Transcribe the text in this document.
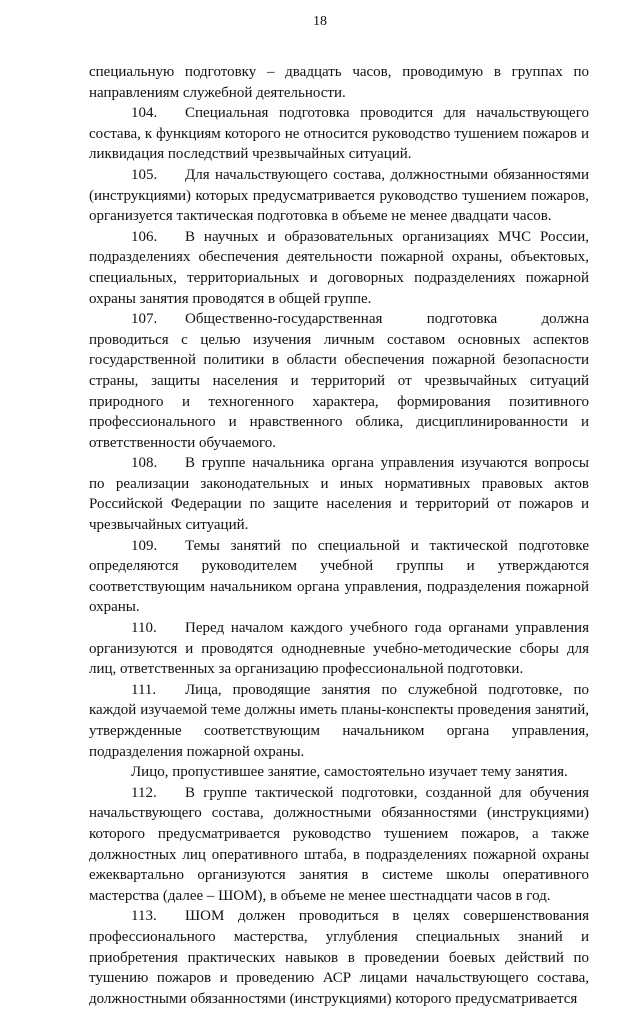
18

специальную подготовку – двадцать часов, проводимую в группах по направлениям служебной деятельности.

104. Специальная подготовка проводится для начальствующего состава, к функциям которого не относится руководство тушением пожаров и ликвидация последствий чрезвычайных ситуаций.

105. Для начальствующего состава, должностными обязанностями (инструкциями) которых предусматривается руководство тушением пожаров, организуется тактическая подготовка в объеме не менее двадцати часов.

106. В научных и образовательных организациях МЧС России, подразделениях обеспечения деятельности пожарной охраны, объектовых, специальных, территориальных и договорных подразделениях пожарной охраны занятия проводятся в общей группе.

107. Общественно-государственная подготовка должна проводиться с целью изучения личным составом основных аспектов государственной политики в области обеспечения пожарной безопасности страны, защиты населения и территорий от чрезвычайных ситуаций природного и техногенного характера, формирования позитивного профессионального и нравственного облика, дисциплинированности и ответственности обучаемого.

108. В группе начальника органа управления изучаются вопросы по реализации законодательных и иных нормативных правовых актов Российской Федерации по защите населения и территорий от пожаров и чрезвычайных ситуаций.

109. Темы занятий по специальной и тактической подготовке определяются руководителем учебной группы и утверждаются соответствующим начальником органа управления, подразделения пожарной охраны.

110. Перед началом каждого учебного года органами управления организуются и проводятся однодневные учебно-методические сборы для лиц, ответственных за организацию профессиональной подготовки.

111. Лица, проводящие занятия по служебной подготовке, по каждой изучаемой теме должны иметь планы-конспекты проведения занятий, утвержденные соответствующим начальником органа управления, подразделения пожарной охраны.

Лицо, пропустившее занятие, самостоятельно изучает тему занятия.

112. В группе тактической подготовки, созданной для обучения начальствующего состава, должностными обязанностями (инструкциями) которого предусматривается руководство тушением пожаров, а также должностных лиц оперативного штаба, в подразделениях пожарной охраны ежеквартально организуются занятия в системе школы оперативного мастерства (далее – ШОМ), в объеме не менее шестнадцати часов в год.

113. ШОМ должен проводиться в целях совершенствования профессионального мастерства, углубления специальных знаний и приобретения практических навыков в проведении боевых действий по тушению пожаров и проведению АСР лицами начальствующего состава, должностными обязанностями (инструкциями) которого предусматривается
